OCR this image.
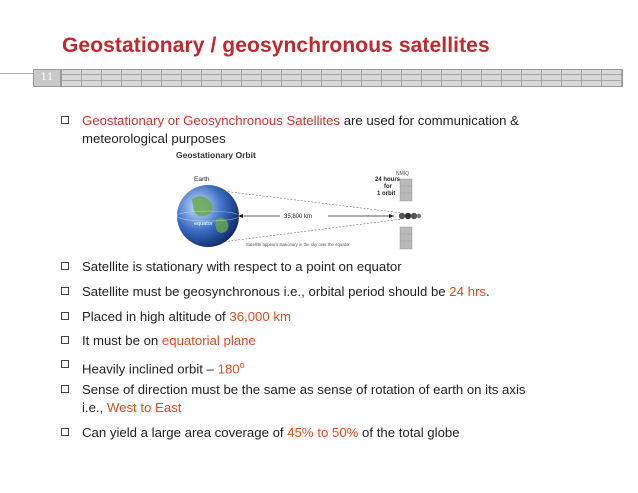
Geostationary / geosynchronous satellites
11
Geostationary or Geosynchronous Satellites are used for communication &
meteorological purposes
Geostationary Orbit
Earth
equator
35,800 km
24 hours
for
1 orbit
NMIQ
Satellite appears stationary in the sky over the equator
Satellite is stationary with respect to a point on equator
Satellite must be geosynchronous i.e., orbital period should be 24 hrs.
Placed in high altitude of 36,000 km
It must be on equatorial plane
Heavily inclined orbit – 180$^o$
Sense of direction must be the same as sense of rotation of earth on its axis
i.e., West to East
Can yield a large area coverage of 45% to 50% of the total globe
